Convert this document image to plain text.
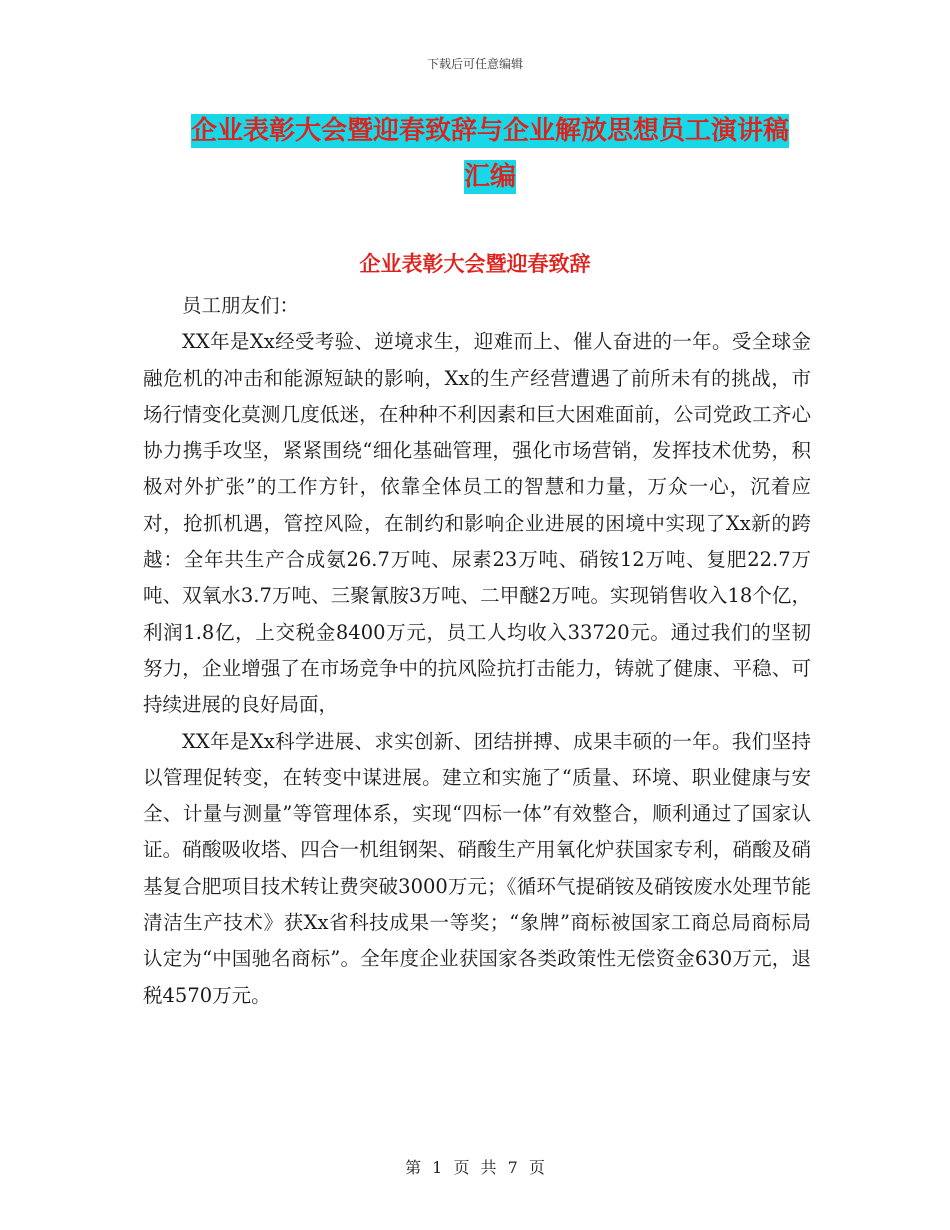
下载后可任意编辑
企业表彰大会暨迎春致辞与企业解放思想员工演讲稿
汇编
企业表彰大会暨迎春致辞

员工朋友们：

XX年是Xx经受考验、逆境求生，迎难而上、催人奋进的一年。受全球金融危机的冲击和能源短缺的影响，Xx的生产经营遭遇了前所未有的挑战，市场行情变化莫测几度低迷，在种种不利因素和巨大困难面前，公司党政工齐心协力携手攻坚，紧紧围绕“细化基础管理，强化市场营销，发挥技术优势，积极对外扩张”的工作方针，依靠全体员工的智慧和力量，万众一心，沉着应对，抢抓机遇，管控风险，在制约和影响企业进展的困境中实现了Xx新的跨越：全年共生产合成氨26.7万吨、尿素23万吨、硝铵12万吨、复肥22.7万吨、双氧水3.7万吨、三聚氰胺3万吨、二甲醚2万吨。实现销售收入18个亿，利润1.8亿，上交税金8400万元，员工人均收入33720元。通过我们的坚韧努力，企业增强了在市场竞争中的抗风险抗打击能力，铸就了健康、平稳、可持续进展的良好局面，

XX年是Xx科学进展、求实创新、团结拼搏、成果丰硕的一年。我们坚持以管理促转变，在转变中谋进展。建立和实施了“质量、环境、职业健康与安全、计量与测量”等管理体系，实现“四标一体”有效整合，顺利通过了国家认证。硝酸吸收塔、四合一机组钢架、硝酸生产用氧化炉获国家专利，硝酸及硝基复合肥项目技术转让费突破3000万元；《循环气提硝铵及硝铵废水处理节能清洁生产技术》获Xx省科技成果一等奖；“象牌”商标被国家工商总局商标局认定为“中国驰名商标”。全年度企业获国家各类政策性无偿资金630万元，退税4570万元。

第 1 页 共 7 页
